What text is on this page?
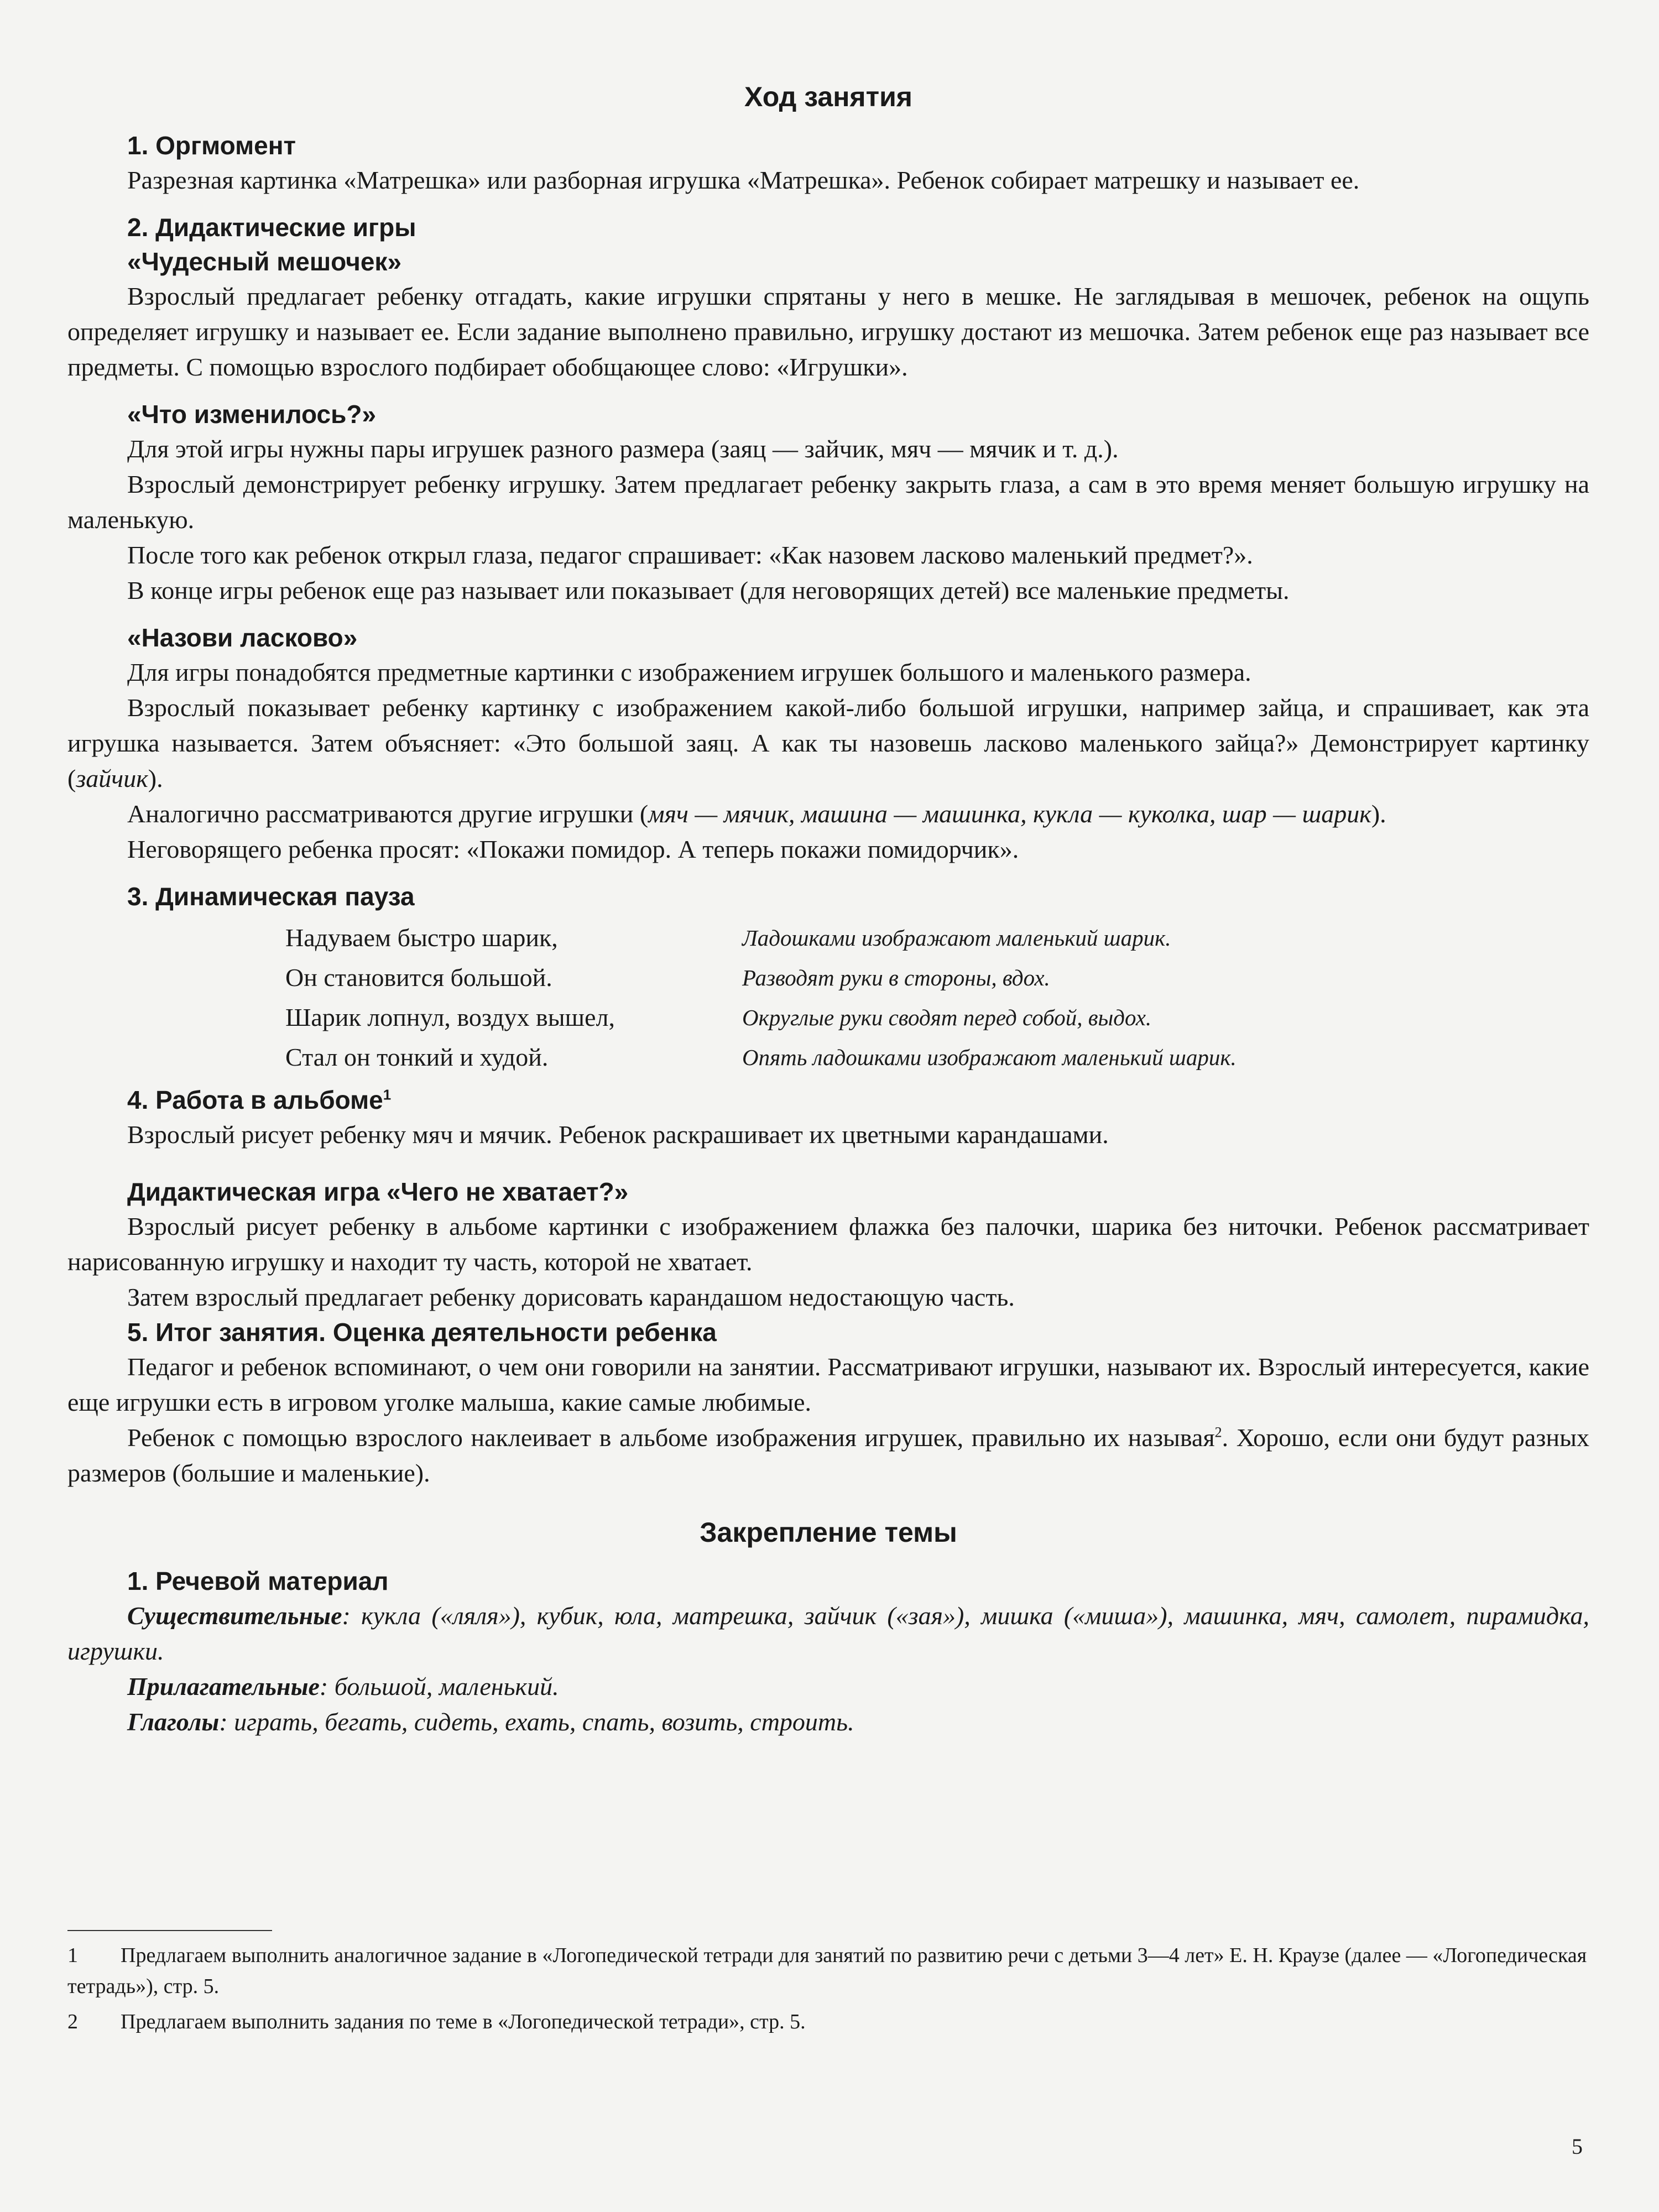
Ход занятия
1. Оргмомент

Разрезная картинка «Матрешка» или разборная игрушка «Матрешка». Ребенок собирает матрешку и называет ее.

2. Дидактические игры
«Чудесный мешочек»

Взрослый предлагает ребенку отгадать, какие игрушки спрятаны у него в мешке. Не заглядывая в мешочек, ребенок на ощупь определяет игрушку и называет ее. Если задание выполнено правильно, игрушку достают из мешочка. Затем ребенок еще раз называет все предметы. С помощью взрослого подбирает обобщающее слово: «Игрушки».

«Что изменилось?»

Для этой игры нужны пары игрушек разного размера (заяц — зайчик, мяч — мячик и т. д.).

Взрослый демонстрирует ребенку игрушку. Затем предлагает ребенку закрыть глаза, а сам в это время меняет большую игрушку на маленькую.

После того как ребенок открыл глаза, педагог спрашивает: «Как назовем ласково маленький предмет?».

В конце игры ребенок еще раз называет или показывает (для неговорящих детей) все маленькие предметы.

«Назови ласково»

Для игры понадобятся предметные картинки с изображением игрушек большого и маленького размера.

Взрослый показывает ребенку картинку с изображением какой-либо большой игрушки, например зайца, и спрашивает, как эта игрушка называется. Затем объясняет: «Это большой заяц. А как ты назовешь ласково маленького зайца?» Демонстрирует картинку (зайчик).

Аналогично рассматриваются другие игрушки (мяч — мячик, машина — машинка, кукла — куколка, шар — шарик).

Неговорящего ребенка просят: «Покажи помидор. А теперь покажи помидорчик».

3. Динамическая пауза
Надуваем быстро шарик,	Ладошками изображают маленький шарик.
Он становится большой.	Разводят руки в стороны, вдох.
Шарик лопнул, воздух вышел,	Округлые руки сводят перед собой, выдох.
Стал он тонкий и худой.	Опять ладошками изображают маленький шарик.
4. Работа в альбоме$^1$

Взрослый рисует ребенку мяч и мячик. Ребенок раскрашивает их цветными карандашами.

Дидактическая игра «Чего не хватает?»

Взрослый рисует ребенку в альбоме картинки с изображением флажка без палочки, шарика без ниточки. Ребенок рассматривает нарисованную игрушку и находит ту часть, которой не хватает.

Затем взрослый предлагает ребенку дорисовать карандашом недостающую часть.

5. Итог занятия. Оценка деятельности ребенка

Педагог и ребенок вспоминают, о чем они говорили на занятии. Рассматривают игрушки, называют их. Взрослый интересуется, какие еще игрушки есть в игровом уголке малыша, какие самые любимые.

Ребенок с помощью взрослого наклеивает в альбоме изображения игрушек, правильно их называя$^2$. Хорошо, если они будут разных размеров (большие и маленькие).

Закрепление темы
1. Речевой материал

Существительные: кукла («ляля»), кубик, юла, матрешка, зайчик («зая»), мишка («миша»), машинка, мяч, самолет, пирамидка, игрушки.

Прилагательные: большой, маленький.

Глаголы: играть, бегать, сидеть, ехать, спать, возить, строить.

1 Предлагаем выполнить аналогичное задание в «Логопедической тетради для занятий по развитию речи с детьми 3—4 лет» Е. Н. Краузе (далее — «Логопедическая тетрадь»), стр. 5.
2 Предлагаем выполнить задания по теме в «Логопедической тетради», стр. 5.
5
